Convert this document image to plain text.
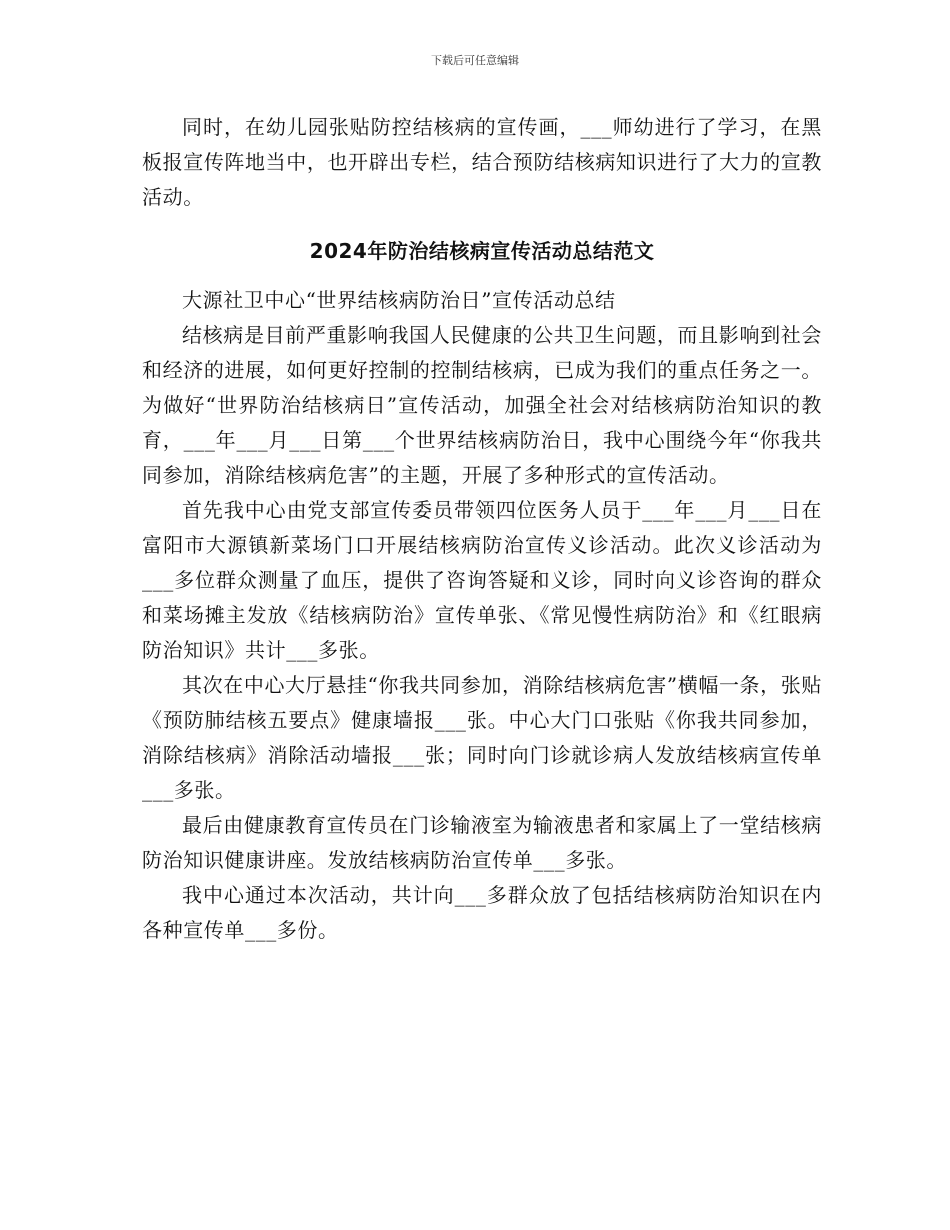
下载后可任意编辑

同时，在幼儿园张贴防控结核病的宣传画，___师幼进行了学习，在黑板报宣传阵地当中，也开辟出专栏，结合预防结核病知识进行了大力的宣教活动。

2024年防治结核病宣传活动总结范文

大源社卫中心“世界结核病防治日”宣传活动总结

结核病是目前严重影响我国人民健康的公共卫生问题，而且影响到社会和经济的进展，如何更好控制的控制结核病，已成为我们的重点任务之一。为做好“世界防治结核病日”宣传活动，加强全社会对结核病防治知识的教育，___年___月___日第___个世界结核病防治日，我中心围绕今年“你我共同参加，消除结核病危害”的主题，开展了多种形式的宣传活动。

首先我中心由党支部宣传委员带领四位医务人员于___年___月___日在富阳市大源镇新菜场门口开展结核病防治宣传义诊活动。此次义诊活动为___多位群众测量了血压，提供了咨询答疑和义诊，同时向义诊咨询的群众和菜场摊主发放《结核病防治》宣传单张、《常见慢性病防治》和《红眼病防治知识》共计___多张。

其次在中心大厅悬挂“你我共同参加，消除结核病危害”横幅一条，张贴《预防肺结核五要点》健康墙报___张。中心大门口张贴《你我共同参加，消除结核病》消除活动墙报___张；同时向门诊就诊病人发放结核病宣传单___多张。

最后由健康教育宣传员在门诊输液室为输液患者和家属上了一堂结核病防治知识健康讲座。发放结核病防治宣传单___多张。

我中心通过本次活动，共计向___多群众放了包括结核病防治知识在内各种宣传单___多份。
